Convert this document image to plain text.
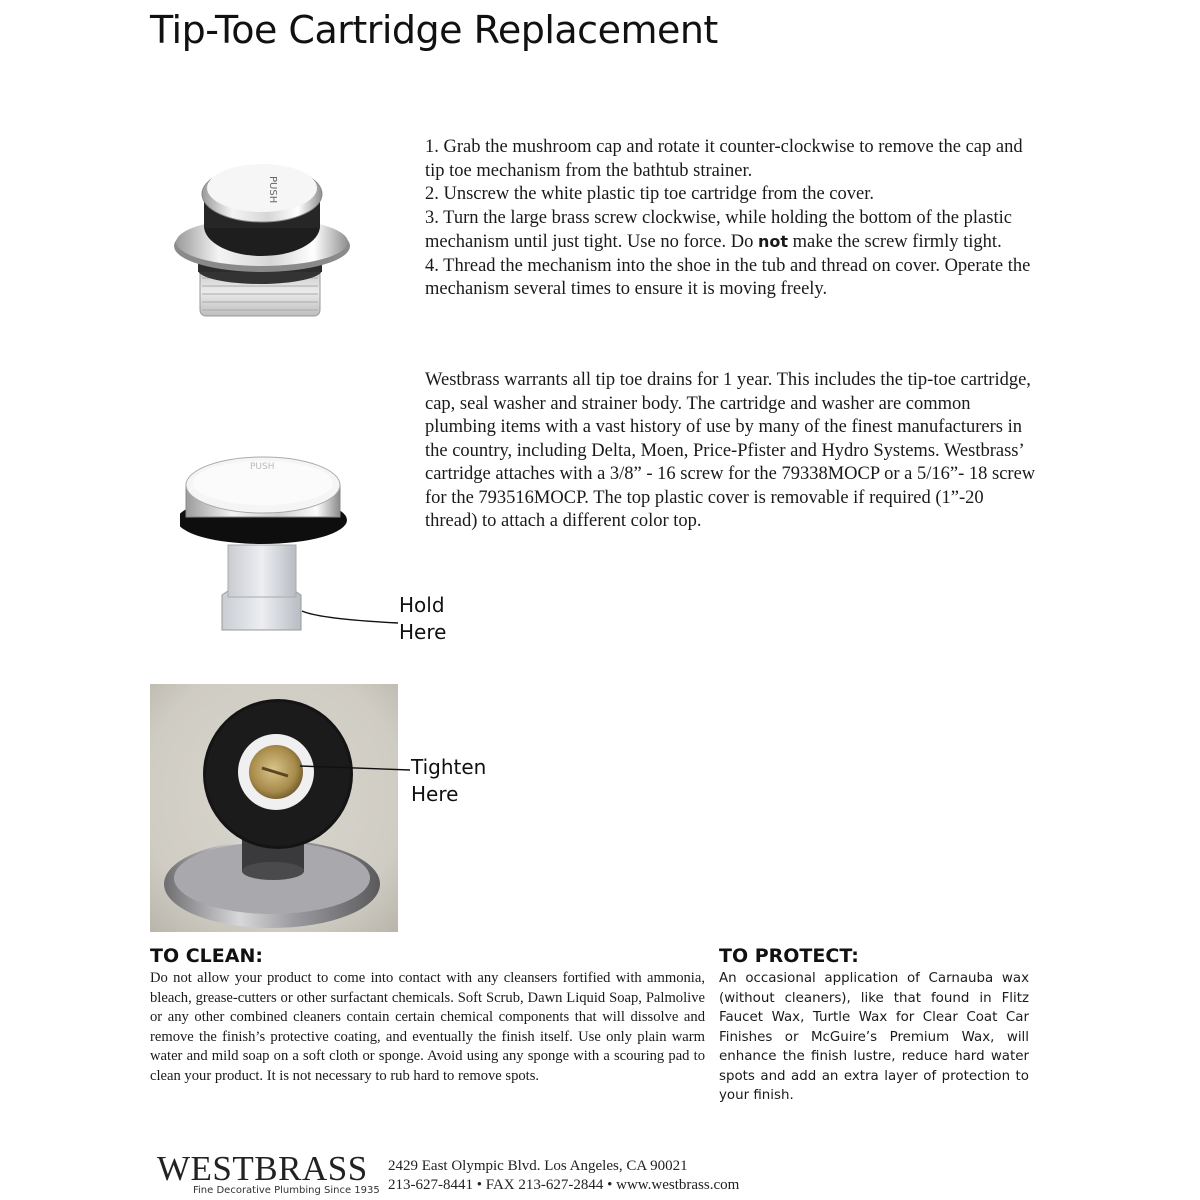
Tip-Toe Cartridge Replacement
PUSH

1. Grab the mushroom cap and rotate it counter-clockwise to remove the cap and tip toe mechanism from the bathtub strainer.

2. Unscrew the white plastic tip toe cartridge from the cover.

3. Turn the large brass screw clockwise, while holding the bottom of the plastic mechanism until just tight. Use no force. Do not make the screw firmly tight.

4. Thread the mechanism into the shoe in the tub and thread on cover. Operate the mechanism several times to ensure it is moving freely.

Westbrass warrants all tip toe drains for 1 year. This includes the tip-toe cartridge, cap, seal washer and strainer body. The cartridge and washer are common plumbing items with a vast history of use by many of the finest manufacturers in the country, including Delta, Moen, Price-Pfister and Hydro Systems. Westbrass’ cartridge attaches with a 3/8” - 16 screw for the 79338MOCP or a 5/16”- 18 screw for the 793516MOCP. The top plastic cover is removable if required (1”-20 thread) to attach a different color top.

PUSH
Hold
Here
Tighten
Here
TO CLEAN:
Do not allow your product to come into contact with any cleansers fortified with ammonia, bleach, grease-cutters or other surfactant chemicals. Soft Scrub, Dawn Liquid Soap, Palmolive or any other combined cleaners contain certain chemical components that will dissolve and remove the finish’s protective coating, and eventually the finish itself. Use only plain warm water and mild soap on a soft cloth or sponge. Avoid using any sponge with a scouring pad to clean your product. It is not necessary to rub hard to remove spots.
TO PROTECT:
An occasional application of Carnauba wax (without cleaners), like that found in Flitz Faucet Wax, Turtle Wax for Clear Coat Car Finishes or McGuire’s Premium Wax, will enhance the finish lustre, reduce hard water spots and add an extra layer of protection to your finish.
WESTBRASS
Fine Decorative Plumbing Since 1935
2429 East Olympic Blvd. Los Angeles, CA 90021
213-627-8441 • FAX 213-627-2844 • www.westbrass.com
